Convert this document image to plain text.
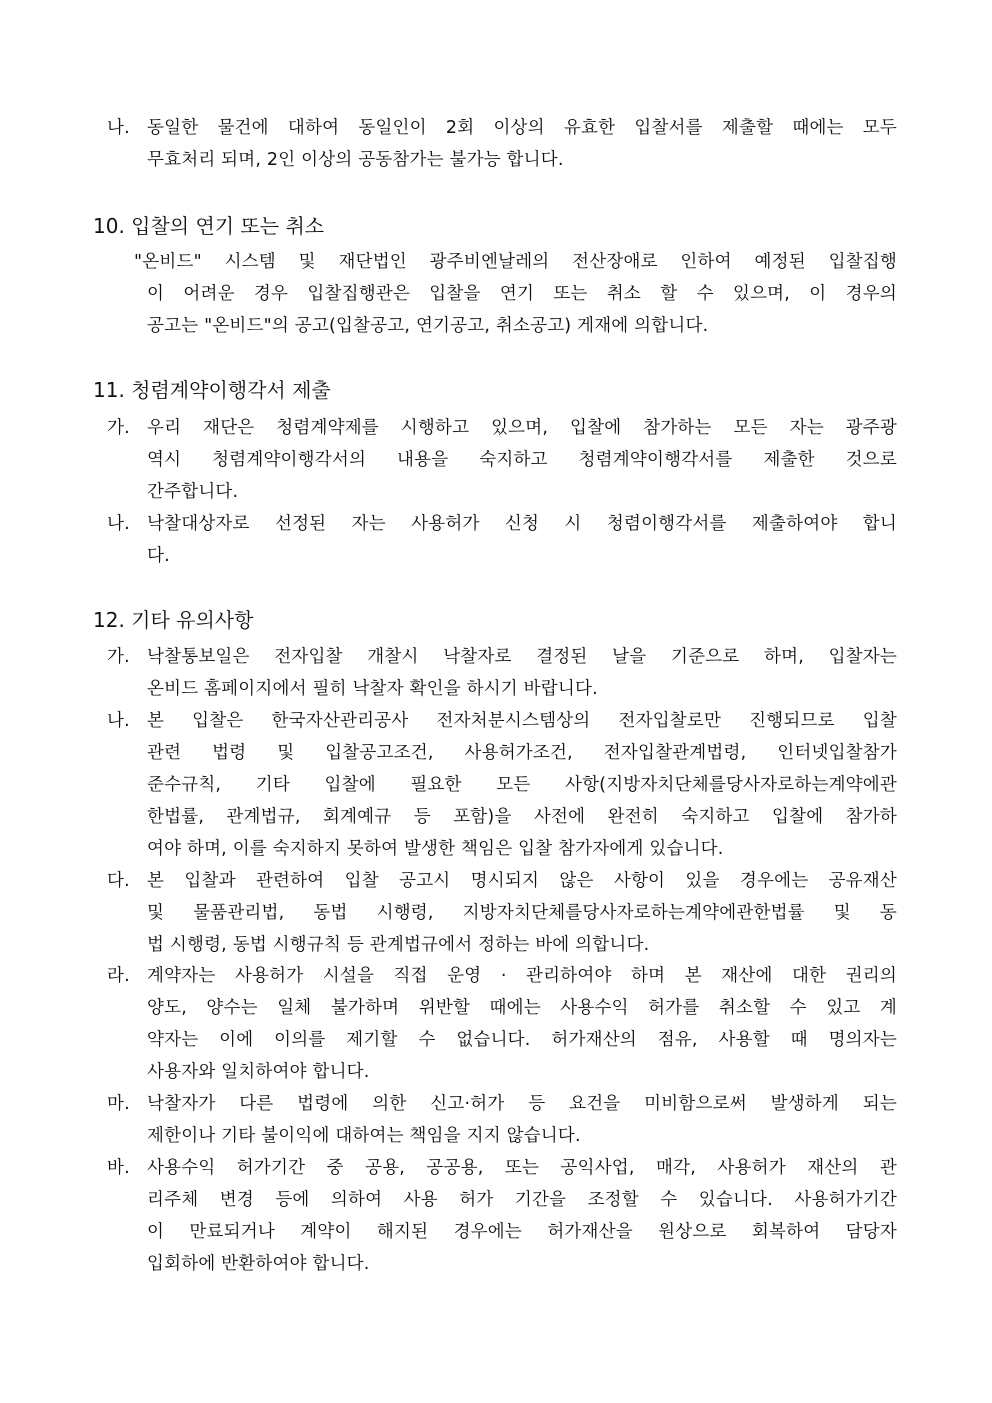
나. 동일한 물건에 대하여 동일인이 2회 이상의 유효한 입찰서를 제출할 때에는 모두
무효처리 되며, 2인 이상의 공동참가는 불가능 합니다.
10. 입찰의 연기 또는 취소
"온비드" 시스템 및 재단법인 광주비엔날레의 전산장애로 인하여 예정된 입찰집행
이 어려운 경우 입찰집행관은 입찰을 연기 또는 취소 할 수 있으며, 이 경우의
공고는 "온비드"의 공고(입찰공고, 연기공고, 취소공고) 게재에 의합니다.
11. 청렴계약이행각서 제출
가. 우리 재단은 청렴계약제를 시행하고 있으며, 입찰에 참가하는 모든 자는 광주광
역시 청렴계약이행각서의 내용을 숙지하고 청렴계약이행각서를 제출한 것으로
간주합니다.
나. 낙찰대상자로 선정된 자는 사용허가 신청 시 청렴이행각서를 제출하여야 합니
다.
12. 기타 유의사항
가. 낙찰통보일은 전자입찰 개찰시 낙찰자로 결정된 날을 기준으로 하며, 입찰자는
온비드 홈페이지에서 필히 낙찰자 확인을 하시기 바랍니다.
나. 본 입찰은 한국자산관리공사 전자처분시스템상의 전자입찰로만 진행되므로 입찰
관련 법령 및 입찰공고조건, 사용허가조건, 전자입찰관계법령, 인터넷입찰참가
준수규칙, 기타 입찰에 필요한 모든 사항(지방자치단체를당사자로하는계약에관
한법률, 관계법규, 회계예규 등 포함)을 사전에 완전히 숙지하고 입찰에 참가하
여야 하며, 이를 숙지하지 못하여 발생한 책임은 입찰 참가자에게 있습니다.
다. 본 입찰과 관련하여 입찰 공고시 명시되지 않은 사항이 있을 경우에는 공유재산
및 물품관리법, 동법 시행령, 지방자치단체를당사자로하는계약에관한법률 및 동
법 시행령, 동법 시행규칙 등 관계법규에서 정하는 바에 의합니다.
라. 계약자는 사용허가 시설을 직접 운영 · 관리하여야 하며 본 재산에 대한 권리의
양도, 양수는 일체 불가하며 위반할 때에는 사용수익 허가를 취소할 수 있고 계
약자는 이에 이의를 제기할 수 없습니다. 허가재산의 점유, 사용할 때 명의자는
사용자와 일치하여야 합니다.
마. 낙찰자가 다른 법령에 의한 신고·허가 등 요건을 미비함으로써 발생하게 되는
제한이나 기타 불이익에 대하여는 책임을 지지 않습니다.
바. 사용수익 허가기간 중 공용, 공공용, 또는 공익사업, 매각, 사용허가 재산의 관
리주체 변경 등에 의하여 사용 허가 기간을 조정할 수 있습니다. 사용허가기간
이 만료되거나 계약이 해지된 경우에는 허가재산을 원상으로 회복하여 담당자
입회하에 반환하여야 합니다.
